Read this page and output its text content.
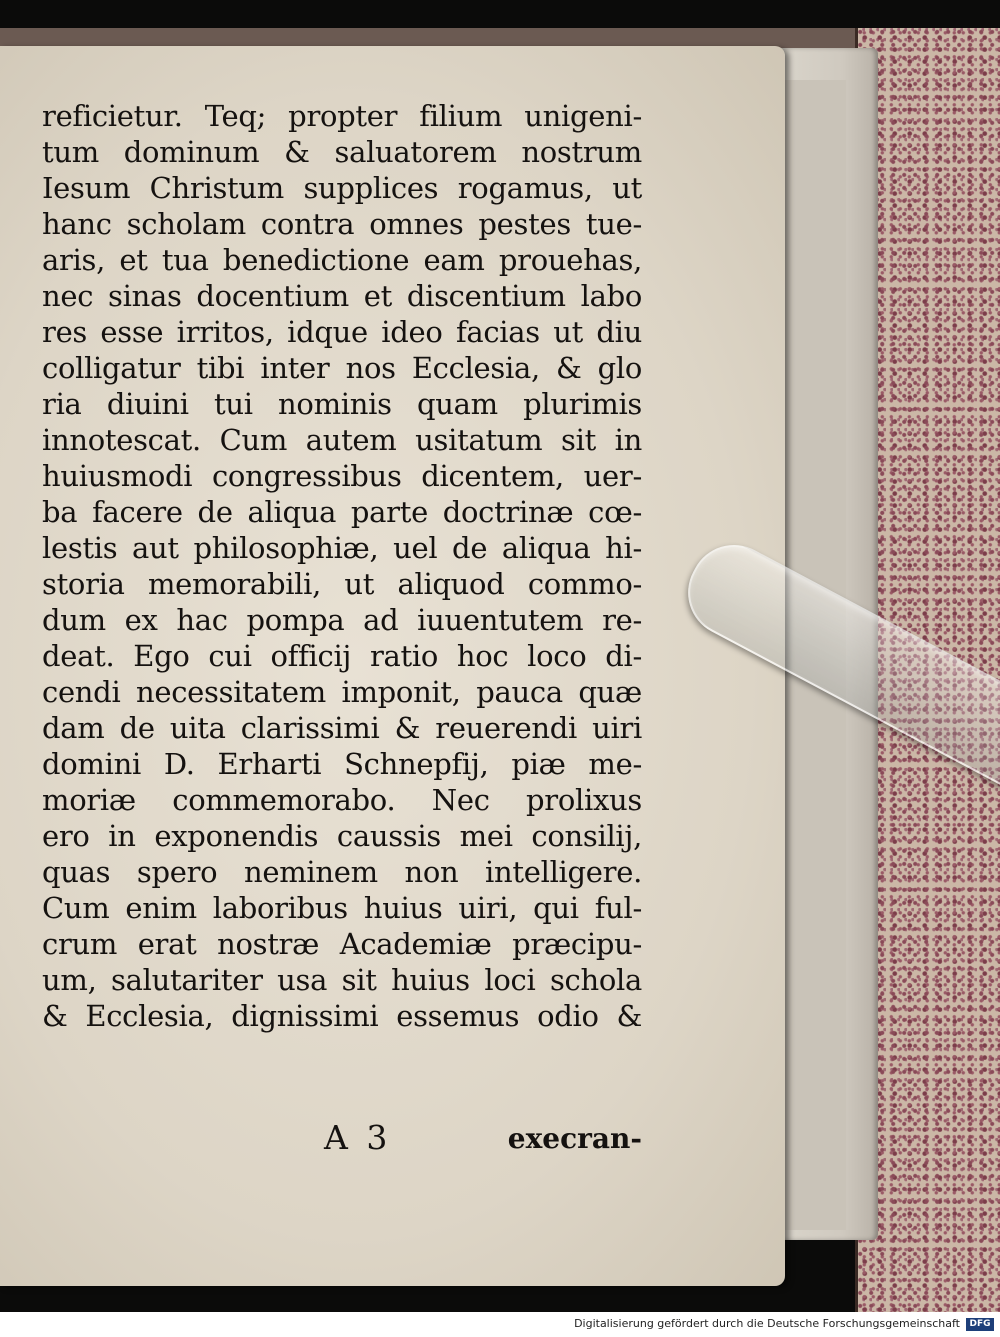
reficietur. Teq; propter filium unigeni-
tum dominum & saluatorem nostrum
Iesum Christum supplices rogamus, ut
hanc scholam contra omnes pestes tue-
aris, et tua benedictione eam prouehas,
nec sinas docentium et discentium labo
res esse irritos, idque ideo facias ut diu
colligatur tibi inter nos Ecclesia, & glo
ria diuini tui nominis quam plurimis
innotescat. Cum autem usitatum sit in
huiusmodi congressibus dicentem, uer-
ba facere de aliqua parte doctrinæ cœ-
lestis aut philosophiæ, uel de aliqua hi-
storia memorabili, ut aliquod commo-
dum ex hac pompa ad iuuentutem re-
deat. Ego cui officij ratio hoc loco di-
cendi necessitatem imponit, pauca quæ
dam de uita clarissimi & reuerendi uiri
domini D. Erharti Schnepfij, piæ me-
moriæ commemorabo. Nec prolixus
ero in exponendis caussis mei consilij,
quas spero neminem non intelligere.
Cum enim laboribus huius uiri, qui ful-
crum erat nostræ Academiæ præcipu-
um, salutariter usa sit huius loci schola
& Ecclesia, dignissimi essemus odio &
A 3	execran-
Digitalisierung gefördert durch die Deutsche Forschungsgemeinschaft	DFG
